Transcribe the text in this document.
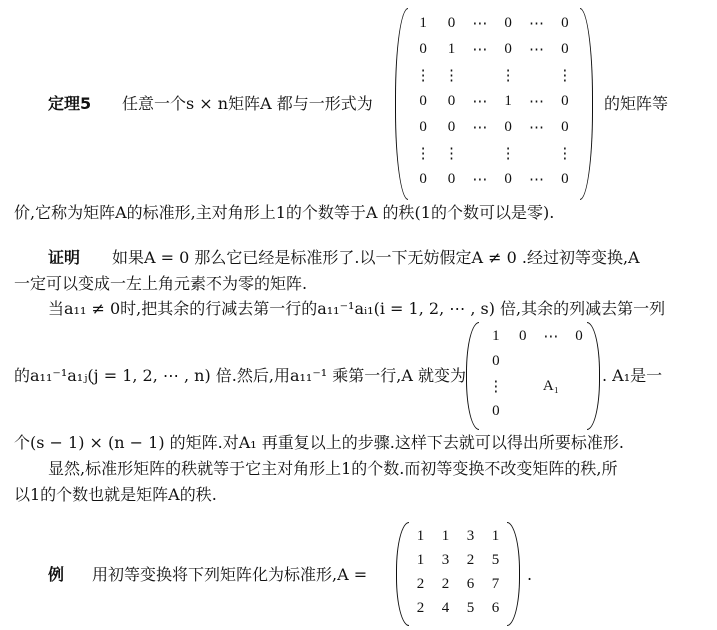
定理5 任意一个s × n矩阵A 都与一形式为
1	0	⋯	0	⋯	0
0	1	⋯	0	⋯	0
⋮	⋮		⋮		⋮
0	0	⋯	1	⋯	0
0	0	⋯	0	⋯	0
⋮	⋮		⋮		⋮
0	0	⋯	0	⋯	0
的矩阵等
价,它称为矩阵A的标准形,主对角形上1的个数等于A 的秩(1的个数可以是零).
证明 如果A = 0 那么它已经是标准形了.以一下无妨假定A ≠ 0 .经过初等变换,A
一定可以变成一左上角元素不为零的矩阵.
当a₁₁ ≠ 0时,把其余的行减去第一行的a₁₁⁻¹aᵢ₁(i = 1, 2, ⋯ , s) 倍,其余的列减去第一列
的a₁₁⁻¹a₁ⱼ(j = 1, 2, ⋯ , n) 倍.然后,用a₁₁⁻¹ 乘第一行,A 就变为
1	0	⋯	0
0			
⋮		A₁	
0			
. A₁是一
个(s − 1) × (n − 1) 的矩阵.对A₁ 再重复以上的步骤.这样下去就可以得出所要标准形.
显然,标准形矩阵的秩就等于它主对角形上1的个数.而初等变换不改变矩阵的秩,所
以1的个数也就是矩阵A的秩.
例 用初等变换将下列矩阵化为标准形,A =
1	1	3	1
1	3	2	5
2	2	6	7
2	4	5	6
.
